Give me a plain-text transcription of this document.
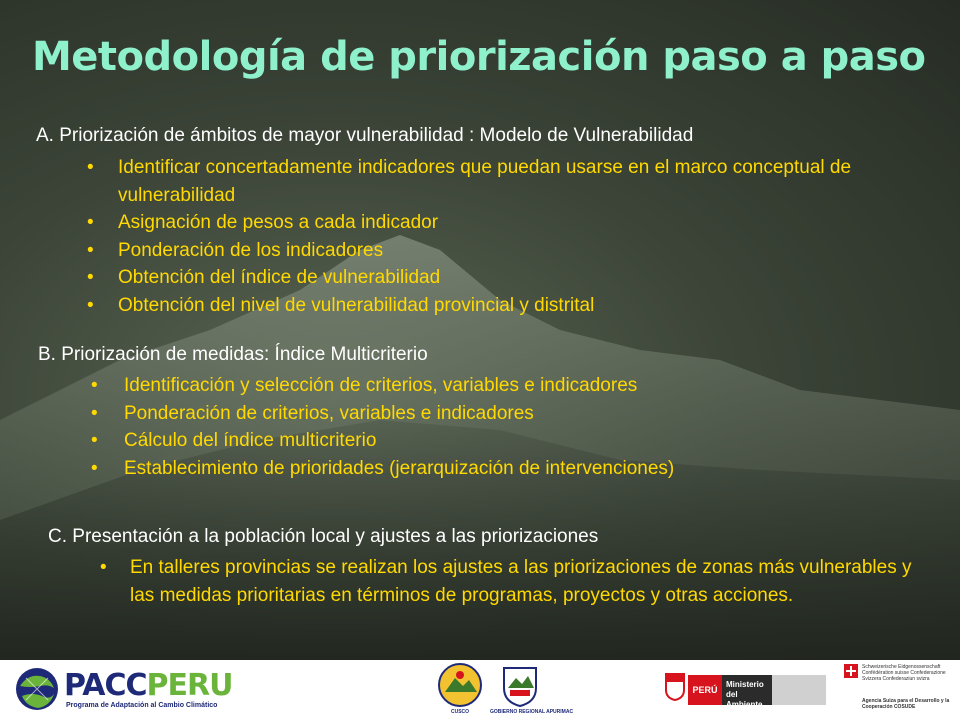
Metodología de priorización paso a paso
A. Priorización de ámbitos de mayor vulnerabilidad : Modelo de Vulnerabilidad
• Identificar concertadamente indicadores que puedan usarse en el marco conceptual de vulnerabilidad
• Asignación de pesos a cada indicador
• Ponderación de los indicadores
• Obtención del índice de vulnerabilidad
• Obtención del nivel de vulnerabilidad provincial y distrital
B. Priorización de medidas: Índice Multicriterio
• Identificación y selección de criterios, variables e indicadores
• Ponderación de criterios, variables e indicadores
• Cálculo del índice multicriterio
• Establecimiento de prioridades (jerarquización de intervenciones)
C. Presentación a la población local y ajustes a las priorizaciones
• En talleres provincias se realizan los ajustes a las priorizaciones de zonas más vulnerables y las medidas prioritarias en términos de programas, proyectos y otras acciones.
PACCPERU
Programa de Adaptación al Cambio Climático
CUSCO	GOBIERNO REGIONAL APURIMAC
PERÚ
Ministerio
del Ambiente
Schweizerische Eidgenossenschaft Confédération suisse Confederazione Svizzera Confederaziun svizra
Agencia Suiza para el Desarrollo y la Cooperación COSUDE
